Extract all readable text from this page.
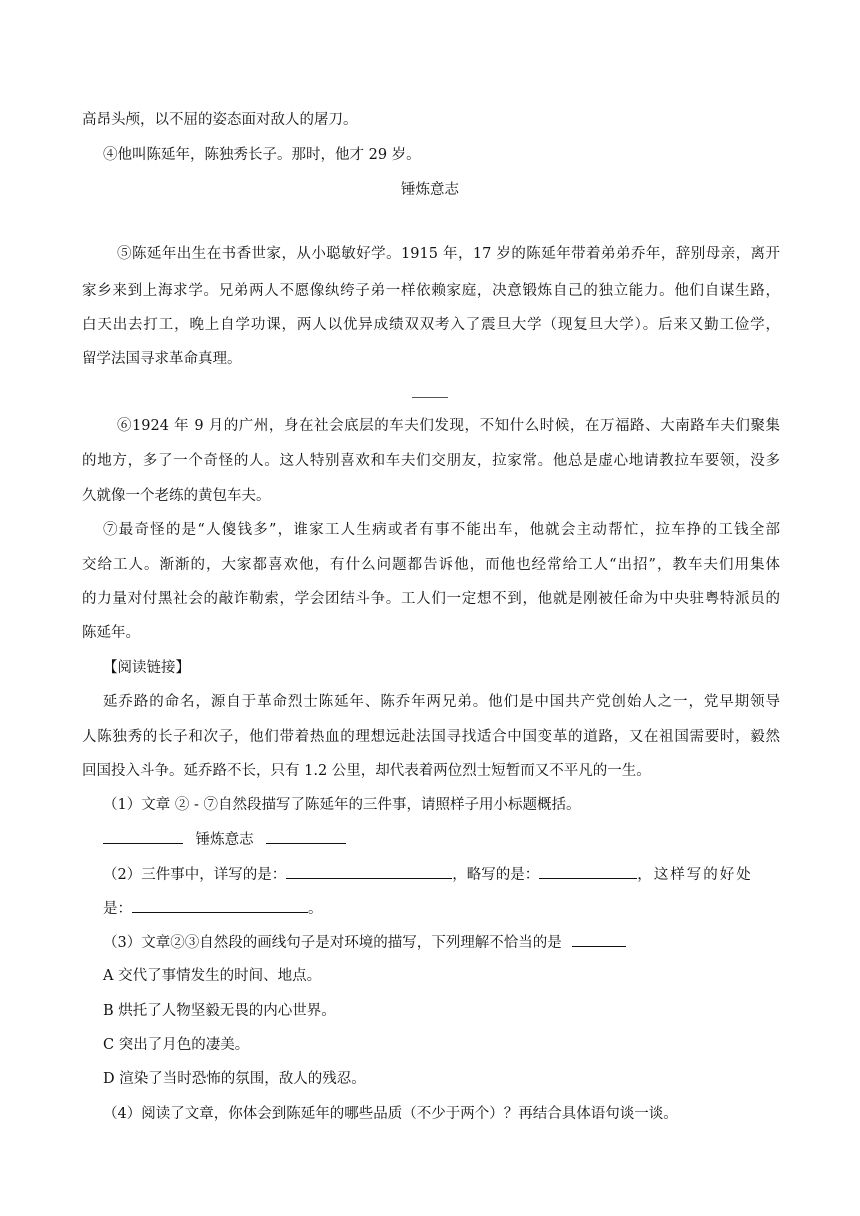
高昂头颅，以不屈的姿态面对敌人的屠刀。
④他叫陈延年，陈独秀长子。那时，他才 29 岁。
锤炼意志
⑤陈延年出生在书香世家，从小聪敏好学。1915 年，17 岁的陈延年带着弟弟乔年，辞别母亲，离开
家乡来到上海求学。兄弟两人不愿像纨绔子弟一样依赖家庭，决意锻炼自己的独立能力。他们自谋生路，
白天出去打工，晚上自学功课，两人以优异成绩双双考入了震旦大学（现复旦大学）。后来又勤工俭学，
留学法国寻求革命真理。
⑥1924 年 9 月的广州，身在社会底层的车夫们发现，不知什么时候，在万福路、大南路车夫们聚集
的地方，多了一个奇怪的人。这人特别喜欢和车夫们交朋友，拉家常。他总是虚心地请教拉车要领，没多
久就像一个老练的黄包车夫。
⑦最奇怪的是“人傻钱多”，谁家工人生病或者有事不能出车，他就会主动帮忙，拉车挣的工钱全部
交给工人。渐渐的，大家都喜欢他，有什么问题都告诉他，而他也经常给工人“出招”，教车夫们用集体
的力量对付黑社会的敲诈勒索，学会团结斗争。工人们一定想不到，他就是刚被任命为中央驻粤特派员的
陈延年。
【阅读链接】
延乔路的命名，源自于革命烈士陈延年、陈乔年两兄弟。他们是中国共产党创始人之一，党早期领导
人陈独秀的长子和次子，他们带着热血的理想远赴法国寻找适合中国变革的道路，又在祖国需要时，毅然
回国投入斗争。延乔路不长，只有 1.2 公里，却代表着两位烈士短暂而又不平凡的一生。
（1）文章 ② - ⑦自然段描写了陈延年的三件事，请照样子用小标题概括。
锤炼意志
（2）三件事中，详写的是：	，略写的是：	，这样写的好处
是：	。
（3）文章②③自然段的画线句子是对环境的描写，下列理解不恰当的是
A 交代了事情发生的时间、地点。
B 烘托了人物坚毅无畏的内心世界。
C 突出了月色的凄美。
D 渲染了当时恐怖的氛围，敌人的残忍。
（4）阅读了文章，你体会到陈延年的哪些品质（不少于两个）？再结合具体语句谈一谈。
